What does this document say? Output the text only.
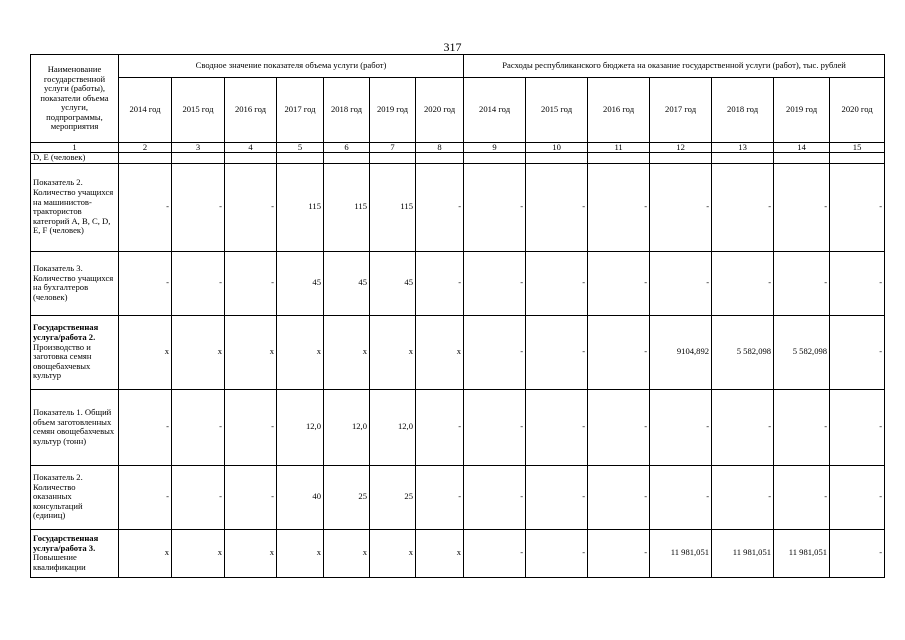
317
Наименование государственной услуги (работы), показатели объема услуги, подпрограммы, мероприятия	Сводное значение показателя объема услуги (работ)							Расходы республиканского бюджета на оказание государственной услуги (работ), тыс. рублей						
	2014 год	2015 год	2016 год	2017 год	2018 год	2019 год	2020 год	2014 год	2015 год	2016 год	2017 год	2018 год	2019 год	2020 год
1	2	3	4	5	6	7	8	9	10	11	12	13	14	15
D, E (человек)														
Показатель 2. Количество учащихся на машинистов-трактористов категорий А, В, С, D, E, F (человек)	-	-	-	115	115	115	-	-	-	-	-	-	-	-
Показатель 3. Количество учащихся на бухгалтеров (человек)	-	-	-	45	45	45	-	-	-	-	-	-	-	-
Государственная услуга/работа 2. Производство и заготовка семян овощебахчевых культур	x	x	x	x	x	x	x	-	-	-	9104,892	5 582,098	5 582,098	-
Показатель 1. Общий объем заготовленных семян овощебахчевых культур (тонн)	-	-	-	12,0	12,0	12,0	-	-	-	-	-	-	-	-
Показатель 2. Количество оказанных консультаций (единиц)	-	-	-	40	25	25	-	-	-	-	-	-	-	-
Государственная услуга/работа 3. Повышение квалификации	x	x	x	x	x	x	x	-	-	-	11 981,051	11 981,051	11 981,051	-
